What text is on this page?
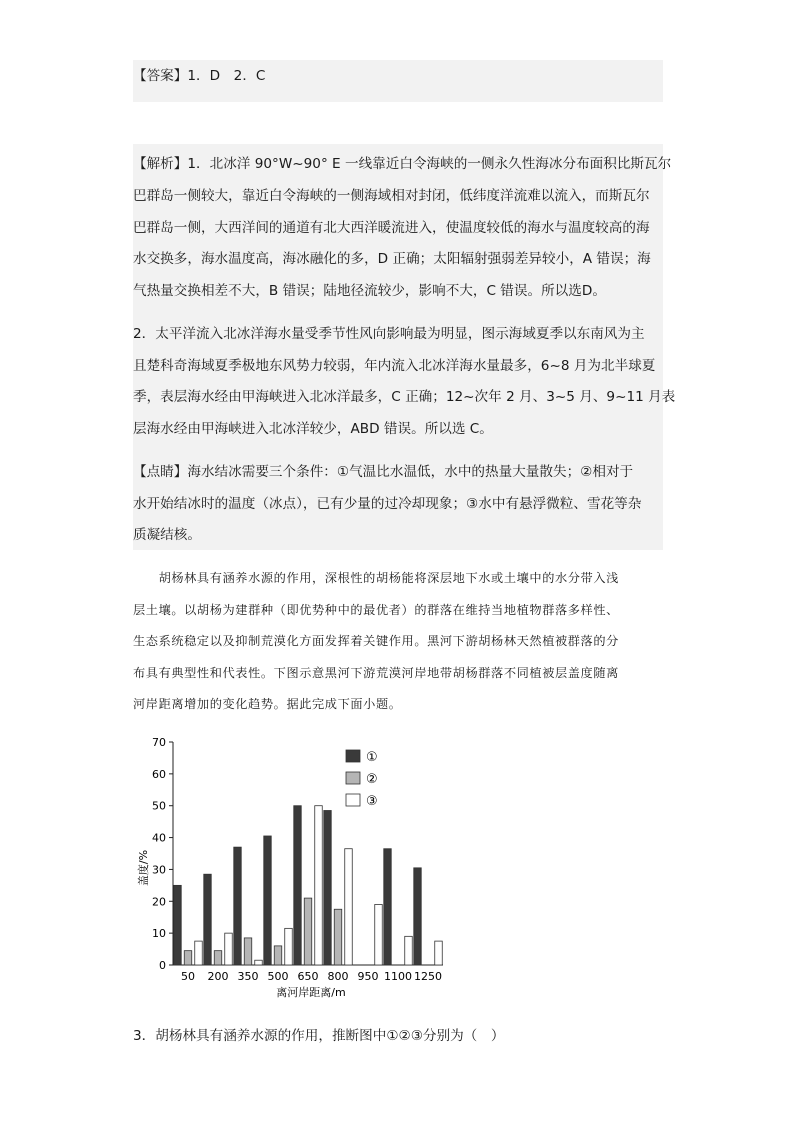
【答案】1．D　2．C
【解析】1．北冰洋 90°W~90° E 一线靠近白令海峡的一侧永久性海冰分布面积比斯瓦尔
巴群岛一侧较大，靠近白令海峡的一侧海域相对封闭，低纬度洋流难以流入，而斯瓦尔
巴群岛一侧，大西洋间的通道有北大西洋暖流进入，使温度较低的海水与温度较高的海
水交换多，海水温度高，海冰融化的多，D 正确；太阳辐射强弱差异较小，A 错误；海
气热量交换相差不大，B 错误；陆地径流较少，影响不大，C 错误。所以选D。
2．太平洋流入北冰洋海水量受季节性风向影响最为明显，图示海域夏季以东南风为主
且楚科奇海域夏季极地东风势力较弱，年内流入北冰洋海水量最多，6~8 月为北半球夏
季，表层海水经由甲海峡进入北冰洋最多，C 正确；12~次年 2 月、3~5 月、9~11 月表
层海水经由甲海峡进入北冰洋较少，ABD 错误。所以选 C。
【点睛】海水结冰需要三个条件：①气温比水温低，水中的热量大量散失；②相对于
水开始结冰时的温度（冰点），已有少量的过冷却现象；③水中有悬浮微粒、雪花等杂
质凝结核。
　　胡杨林具有涵养水源的作用，深根性的胡杨能将深层地下水或土壤中的水分带入浅
层土壤。以胡杨为建群种（即优势种中的最优者）的群落在维持当地植物群落多样性、
生态系统稳定以及抑制荒漠化方面发挥着关键作用。黑河下游胡杨林天然植被群落的分
布具有典型性和代表性。下图示意黑河下游荒漠河岸地带胡杨群落不同植被层盖度随离
河岸距离增加的变化趋势。据此完成下面小题。
0
10
20
30
40
50
60
70
50 200 350 500 650 800 950 1100 1250
①
②
③
盖度/%
离河岸距离/m
3．胡杨林具有涵养水源的作用，推断图中①②③分别为（　）
